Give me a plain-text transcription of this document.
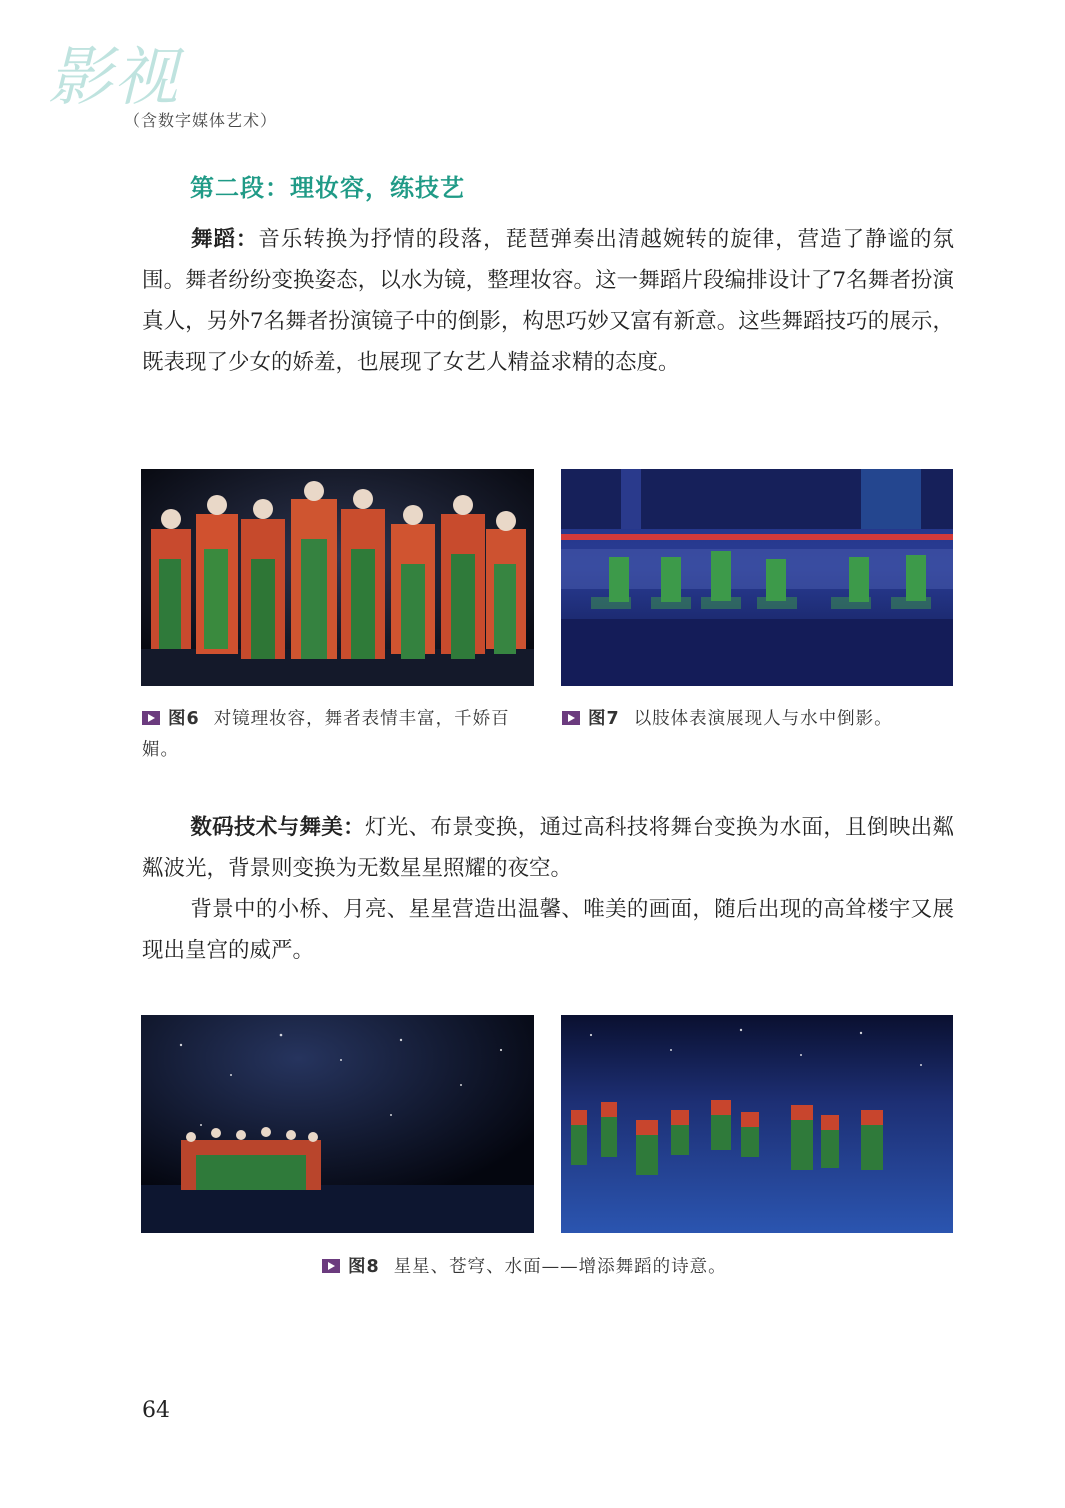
影视
（含数字媒体艺术）
第二段：理妆容，练技艺

舞蹈：音乐转换为抒情的段落，琵琶弹奏出清越婉转的旋律，营造了静谧的氛围。舞者纷纷变换姿态，以水为镜，整理妆容。这一舞蹈片段编排设计了7名舞者扮演真人，另外7名舞者扮演镜子中的倒影，构思巧妙又富有新意。这些舞蹈技巧的展示，既表现了少女的娇羞，也展现了女艺人精益求精的态度。

图6 对镜理妆容，舞者表情丰富，千娇百媚。
图7 以肢体表演展现人与水中倒影。

数码技术与舞美：灯光、布景变换，通过高科技将舞台变换为水面，且倒映出粼粼波光，背景则变换为无数星星照耀的夜空。

背景中的小桥、月亮、星星营造出温馨、唯美的画面，随后出现的高耸楼宇又展现出皇宫的威严。

图8 星星、苍穹、水面——增添舞蹈的诗意。
64
